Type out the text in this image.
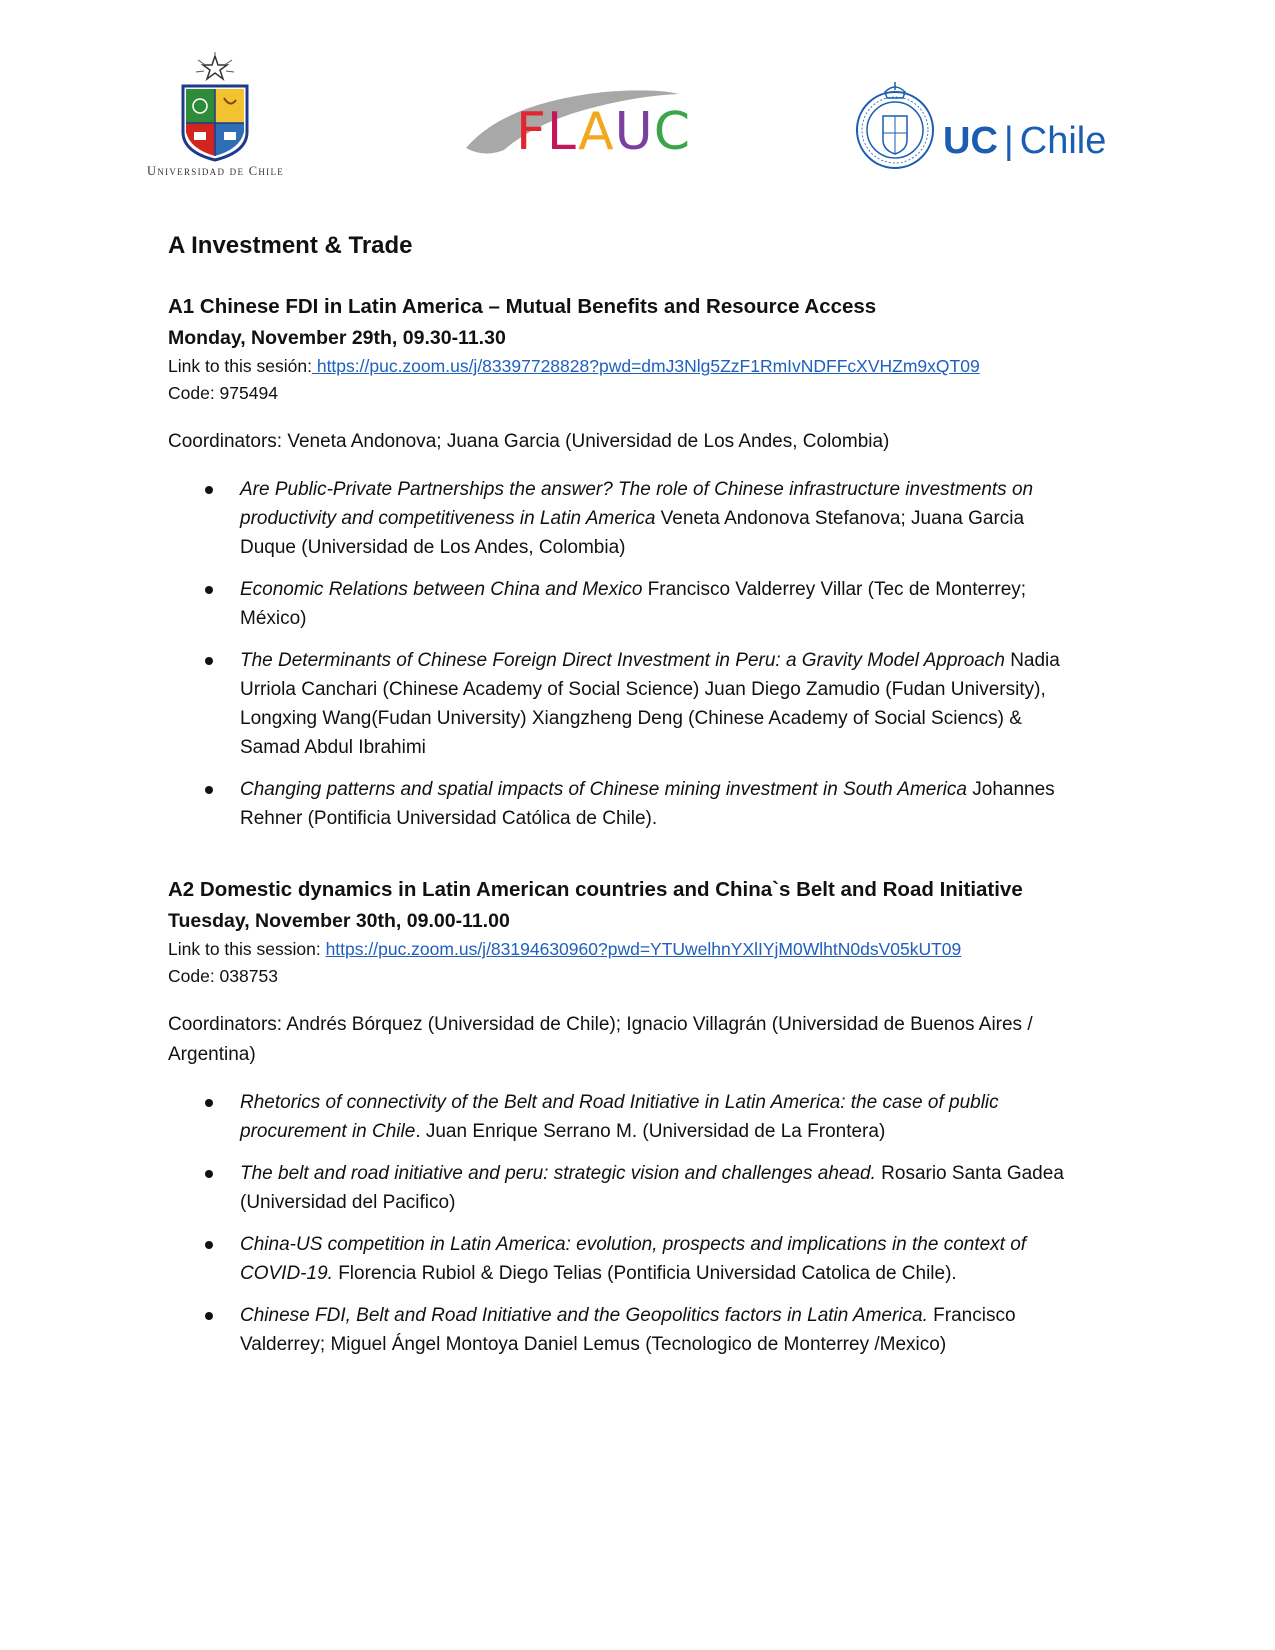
Universidad de Chile
FLAUC	UC | Chile
A Investment & Trade

A1 Chinese FDI in Latin America – Mutual Benefits and Resource Access

Monday, November 29th, 09.30-11.30

Link to this sesión: https://puc.zoom.us/j/83397728828?pwd=dmJ3Nlg5ZzF1RmIvNDFFcXVHZm9xQT09

Code: 975494

Coordinators: Veneta Andonova; Juana Garcia (Universidad de Los Andes, Colombia)

Are Public-Private Partnerships the answer? The role of Chinese infrastructure investments on productivity and competitiveness in Latin America Veneta Andonova Stefanova; Juana Garcia Duque (Universidad de Los Andes, Colombia)
Economic Relations between China and Mexico Francisco Valderrey Villar (Tec de Monterrey; México)
The Determinants of Chinese Foreign Direct Investment in Peru: a Gravity Model Approach Nadia Urriola Canchari (Chinese Academy of Social Science) Juan Diego Zamudio (Fudan University), Longxing Wang(Fudan University) Xiangzheng Deng (Chinese Academy of Social Sciencs) & Samad Abdul Ibrahimi
Changing patterns and spatial impacts of Chinese mining investment in South America Johannes Rehner (Pontificia Universidad Católica de Chile).

A2 Domestic dynamics in Latin American countries and China`s Belt and Road Initiative

Tuesday, November 30th, 09.00-11.00

Link to this session: https://puc.zoom.us/j/83194630960?pwd=YTUwelhnYXlIYjM0WlhtN0dsV05kUT09

Code: 038753

Coordinators: Andrés Bórquez (Universidad de Chile); Ignacio Villagrán (Universidad de Buenos Aires / Argentina)

Rhetorics of connectivity of the Belt and Road Initiative in Latin America: the case of public procurement in Chile. Juan Enrique Serrano M. (Universidad de La Frontera)
The belt and road initiative and peru: strategic vision and challenges ahead. Rosario Santa Gadea (Universidad del Pacifico)
China-US competition in Latin America: evolution, prospects and implications in the context of COVID-19. Florencia Rubiol & Diego Telias (Pontificia Universidad Catolica de Chile).
Chinese FDI, Belt and Road Initiative and the Geopolitics factors in Latin America. Francisco Valderrey; Miguel Ángel Montoya Daniel Lemus (Tecnologico de Monterrey /Mexico)
